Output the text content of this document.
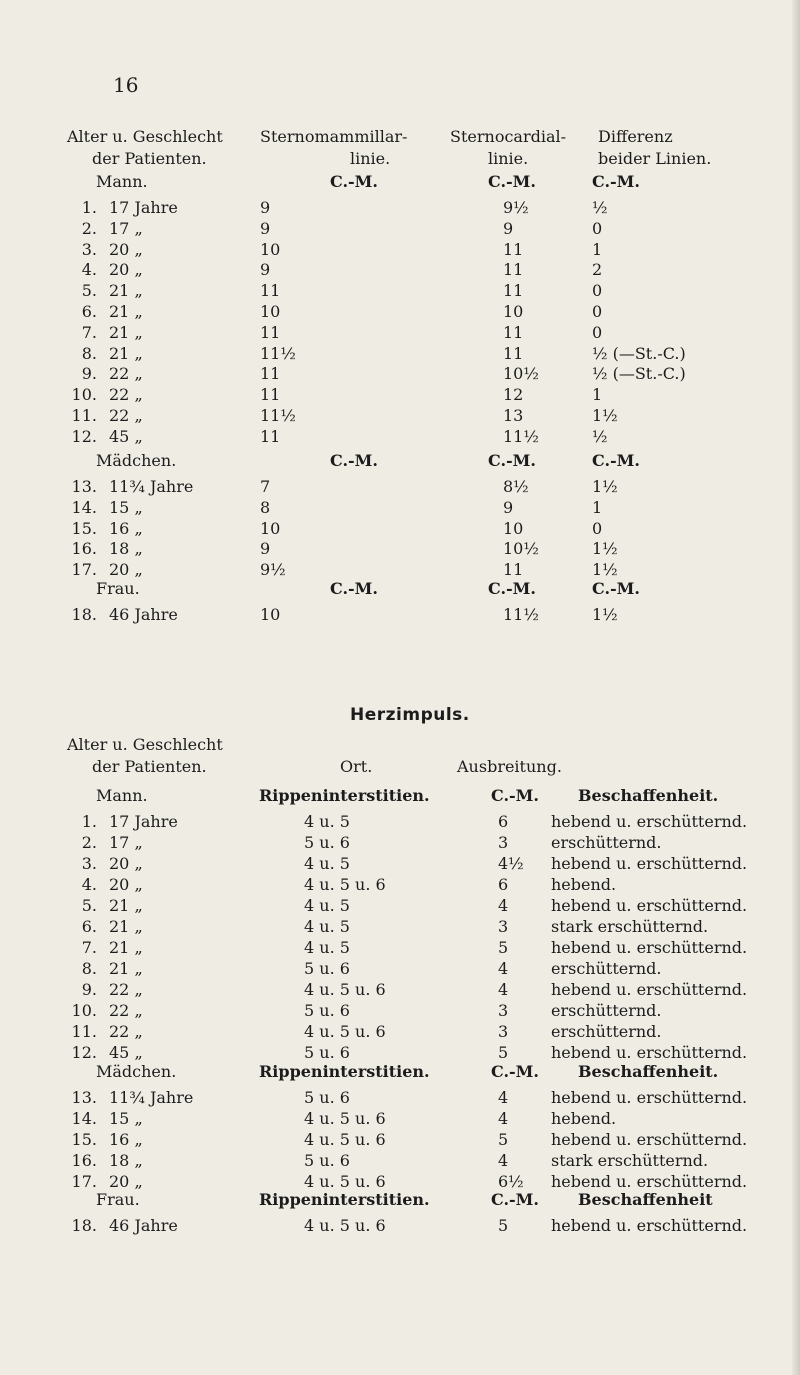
16
Alter u. Geschlecht Sternomammillar-	Sternocardial- Differenz
der Patienten.	linie.	linie.	beider Linien.
Mann.	C.-M.	C.-M.	C.-M.
1. 17 Jahre	9	9½	½
2. 17 „	9	9	0
3. 20 „	10	11	1
4. 20 „	9	11	2
5. 21 „	11	11	0
6. 21 „	10	10	0
7. 21 „	11	11	0
8. 21 „	11½	11	½ (—St.-C.)
9. 22 „	11	10½	½ (—St.-C.)
10. 22 „	11	12	1
11. 22 „	11½	13	1½
12. 45 „	11	11½	½
Mädchen.	C.-M.	C.-M.	C.-M.
13. 11¾ Jahre	7	8½	1½
14. 15 „	8	9	1
15. 16 „	10	10	0
16. 18 „	9	10½	1½
17. 20 „	9½	11	1½
Frau.	C.-M.	C.-M.	C.-M.
18. 46 Jahre	10	11½	1½
Herzimpuls.
Alter u. Geschlecht
der Patienten.	Ort.	Ausbreitung.
Mann.	Rippeninterstitien.	C.-M. Beschaffenheit.
1. 17 Jahre	4 u. 5	6	hebend u. erschütternd.
2. 17 „	5 u. 6	3	erschütternd.
3. 20 „	4 u. 5	4½ hebend u. erschütternd.
4. 20 „	4 u. 5 u. 6	6	hebend.
5. 21 „	4 u. 5	4	hebend u. erschütternd.
6. 21 „	4 u. 5	3	stark erschütternd.
7. 21 „	4 u. 5	5	hebend u. erschütternd.
8. 21 „	5 u. 6	4	erschütternd.
9. 22 „	4 u. 5 u. 6	4	hebend u. erschütternd.
10. 22 „	5 u. 6	3	erschütternd.
11. 22 „	4 u. 5 u. 6	3	erschütternd.
12. 45 „	5 u. 6	5	hebend u. erschütternd.
Mädchen.	Rippeninterstitien.	C.-M. Beschaffenheit.
13. 11¾ Jahre	5 u. 6	4	hebend u. erschütternd.
14. 15 „	4 u. 5 u. 6	4	hebend.
15. 16 „	4 u. 5 u. 6	5	hebend u. erschütternd.
16. 18 „	5 u. 6	4	stark erschütternd.
17. 20 „	4 u. 5 u. 6	6½ hebend u. erschütternd.
Frau.	Rippeninterstitien.	C.-M. Beschaffenheit
18. 46 Jahre	4 u. 5 u. 6	5	hebend u. erschütternd.
